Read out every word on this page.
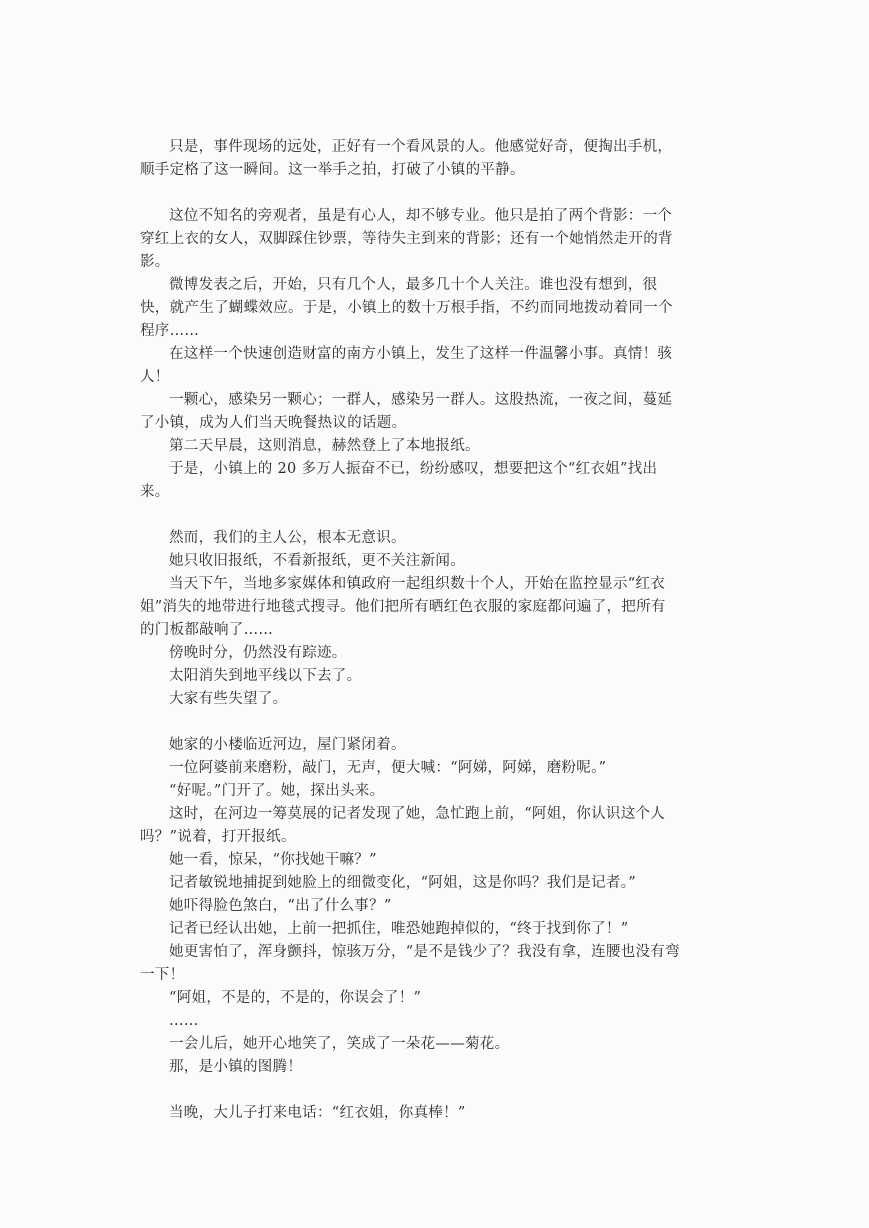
只是，事件现场的远处，正好有一个看风景的人。他感觉好奇，便掏出手机，顺手定格了这一瞬间。这一举手之拍，打破了小镇的平静。

这位不知名的旁观者，虽是有心人，却不够专业。他只是拍了两个背影：一个穿红上衣的女人，双脚踩住钞票，等待失主到来的背影；还有一个她悄然走开的背影。

微博发表之后，开始，只有几个人，最多几十个人关注。谁也没有想到，很快，就产生了蝴蝶效应。于是，小镇上的数十万根手指，不约而同地拨动着同一个程序……

在这样一个快速创造财富的南方小镇上，发生了这样一件温馨小事。真情！骇人！

一颗心，感染另一颗心；一群人，感染另一群人。这股热流，一夜之间，蔓延了小镇，成为人们当天晚餐热议的话题。

第二天早晨，这则消息，赫然登上了本地报纸。

于是，小镇上的 20 多万人振奋不已，纷纷感叹，想要把这个“红衣姐”找出来。

然而，我们的主人公，根本无意识。

她只收旧报纸，不看新报纸，更不关注新闻。

当天下午，当地多家媒体和镇政府一起组织数十个人，开始在监控显示“红衣姐”消失的地带进行地毯式搜寻。他们把所有晒红色衣服的家庭都问遍了，把所有的门板都敲响了……

傍晚时分，仍然没有踪迹。

太阳消失到地平线以下去了。

大家有些失望了。

她家的小楼临近河边，屋门紧闭着。

一位阿婆前来磨粉，敲门，无声，便大喊：“阿娣，阿娣，磨粉呢。”

“好呢。”门开了。她，探出头来。

这时，在河边一筹莫展的记者发现了她，急忙跑上前，“阿姐，你认识这个人吗？”说着，打开报纸。

她一看，惊呆，“你找她干嘛？”

记者敏锐地捕捉到她脸上的细微变化，“阿姐，这是你吗？我们是记者。”

她吓得脸色煞白，“出了什么事？”

记者已经认出她，上前一把抓住，唯恐她跑掉似的，“终于找到你了！”

她更害怕了，浑身颤抖，惊骇万分，“是不是钱少了？我没有拿，连腰也没有弯一下！

“阿姐，不是的，不是的，你误会了！”

……

一会儿后，她开心地笑了，笑成了一朵花——菊花。

那，是小镇的图腾！

当晚，大儿子打来电话：“红衣姐，你真棒！”
